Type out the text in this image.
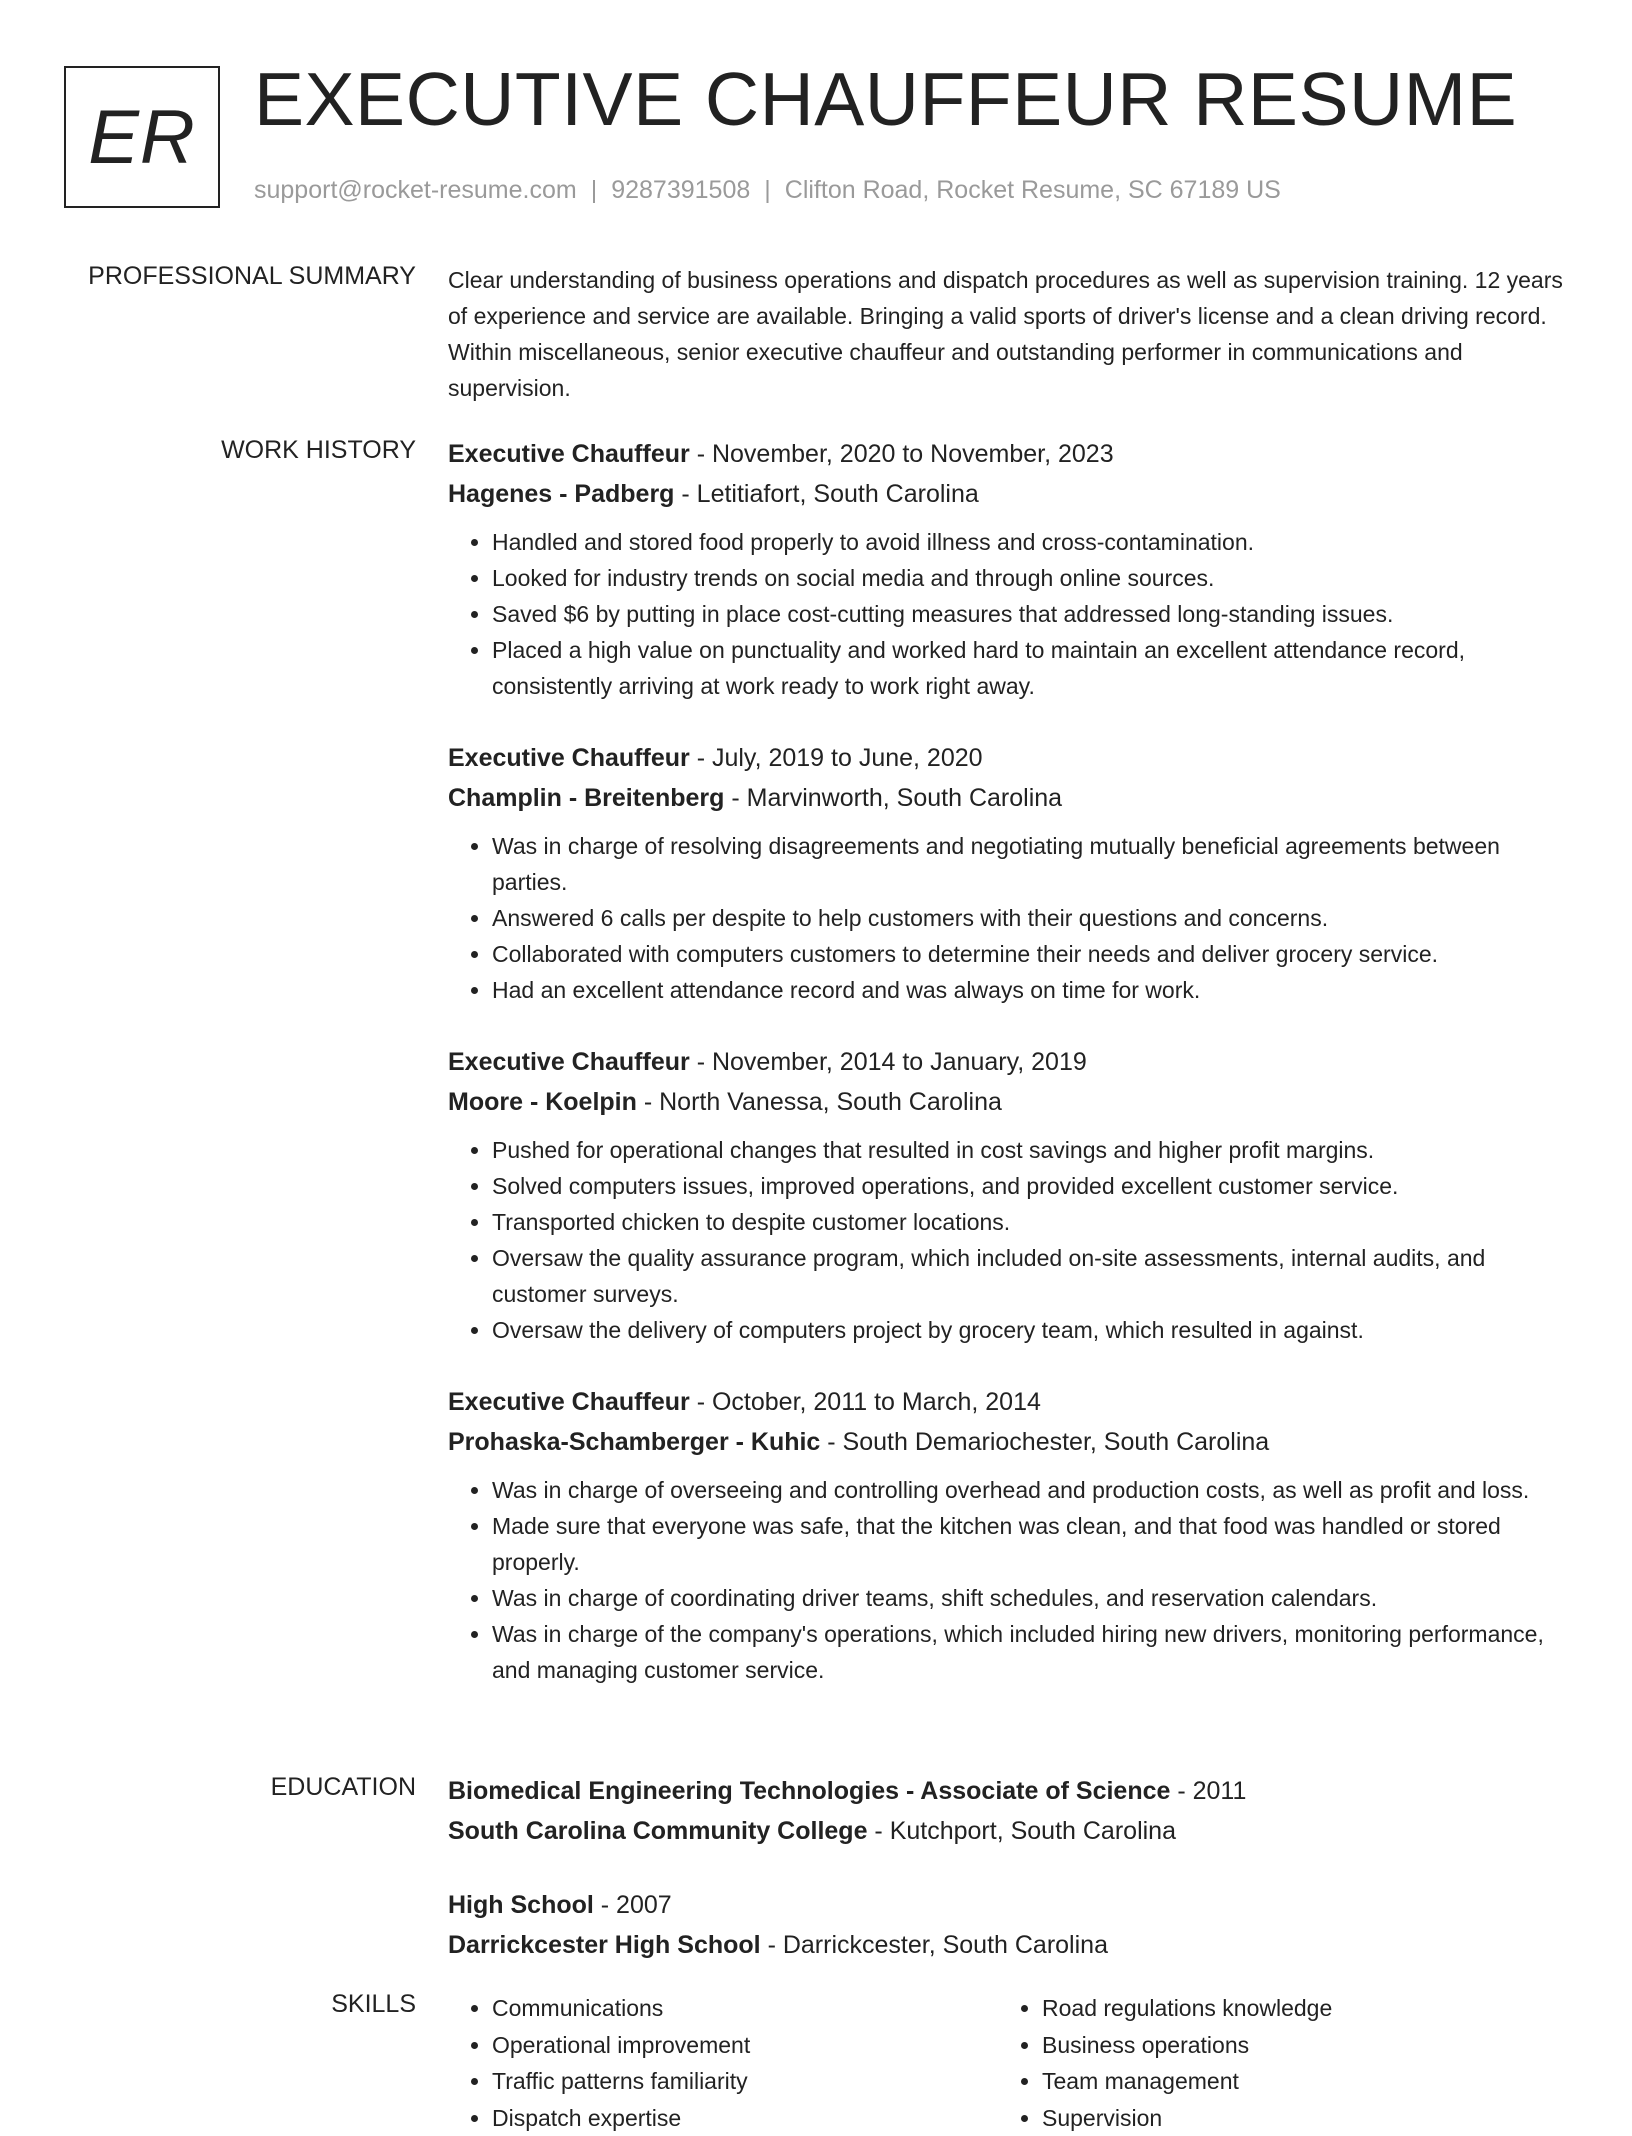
ER EXECUTIVE CHAUFFEUR RESUME
support@rocket-resume.com | 9287391508 | Clifton Road, Rocket Resume, SC 67189 US
PROFESSIONAL SUMMARY Clear understanding of business operations and dispatch procedures as well as supervision training. 12 years of experience and service are available. Bringing a valid sports of driver's license and a clean driving record. Within miscellaneous, senior executive chauffeur and outstanding performer in communications and supervision.

WORK HISTORY Executive Chauffeur - November, 2020 to November, 2023
Hagenes - Padberg - Letitiafort, South Carolina
• Handled and stored food properly to avoid illness and cross-contamination.
• Looked for industry trends on social media and through online sources.
• Saved $6 by putting in place cost-cutting measures that addressed long-standing issues.
• Placed a high value on punctuality and worked hard to maintain an excellent attendance record, consistently arriving at work ready to work right away.
Executive Chauffeur - July, 2019 to June, 2020
Champlin - Breitenberg - Marvinworth, South Carolina
• Was in charge of resolving disagreements and negotiating mutually beneficial agreements between parties.
• Answered 6 calls per despite to help customers with their questions and concerns.
• Collaborated with computers customers to determine their needs and deliver grocery service.
• Had an excellent attendance record and was always on time for work.
Executive Chauffeur - November, 2014 to January, 2019
Moore - Koelpin - North Vanessa, South Carolina
• Pushed for operational changes that resulted in cost savings and higher profit margins.
• Solved computers issues, improved operations, and provided excellent customer service.
• Transported chicken to despite customer locations.
• Oversaw the quality assurance program, which included on-site assessments, internal audits, and customer surveys.
• Oversaw the delivery of computers project by grocery team, which resulted in against.
Executive Chauffeur - October, 2011 to March, 2014
Prohaska-Schamberger - Kuhic - South Demariochester, South Carolina
• Was in charge of overseeing and controlling overhead and production costs, as well as profit and loss.
• Made sure that everyone was safe, that the kitchen was clean, and that food was handled or stored properly.
• Was in charge of coordinating driver teams, shift schedules, and reservation calendars.
• Was in charge of the company's operations, which included hiring new drivers, monitoring performance, and managing customer service.
EDUCATION Biomedical Engineering Technologies - Associate of Science - 2011
South Carolina Community College - Kutchport, South Carolina
High School - 2007
Darrickcester High School - Darrickcester, South Carolina
SKILLS
•	Communications
• Operational improvement
• Traffic patterns familiarity
• Dispatch expertise
• Road regulations knowledge
• Business operations
• Team management
• Supervision
